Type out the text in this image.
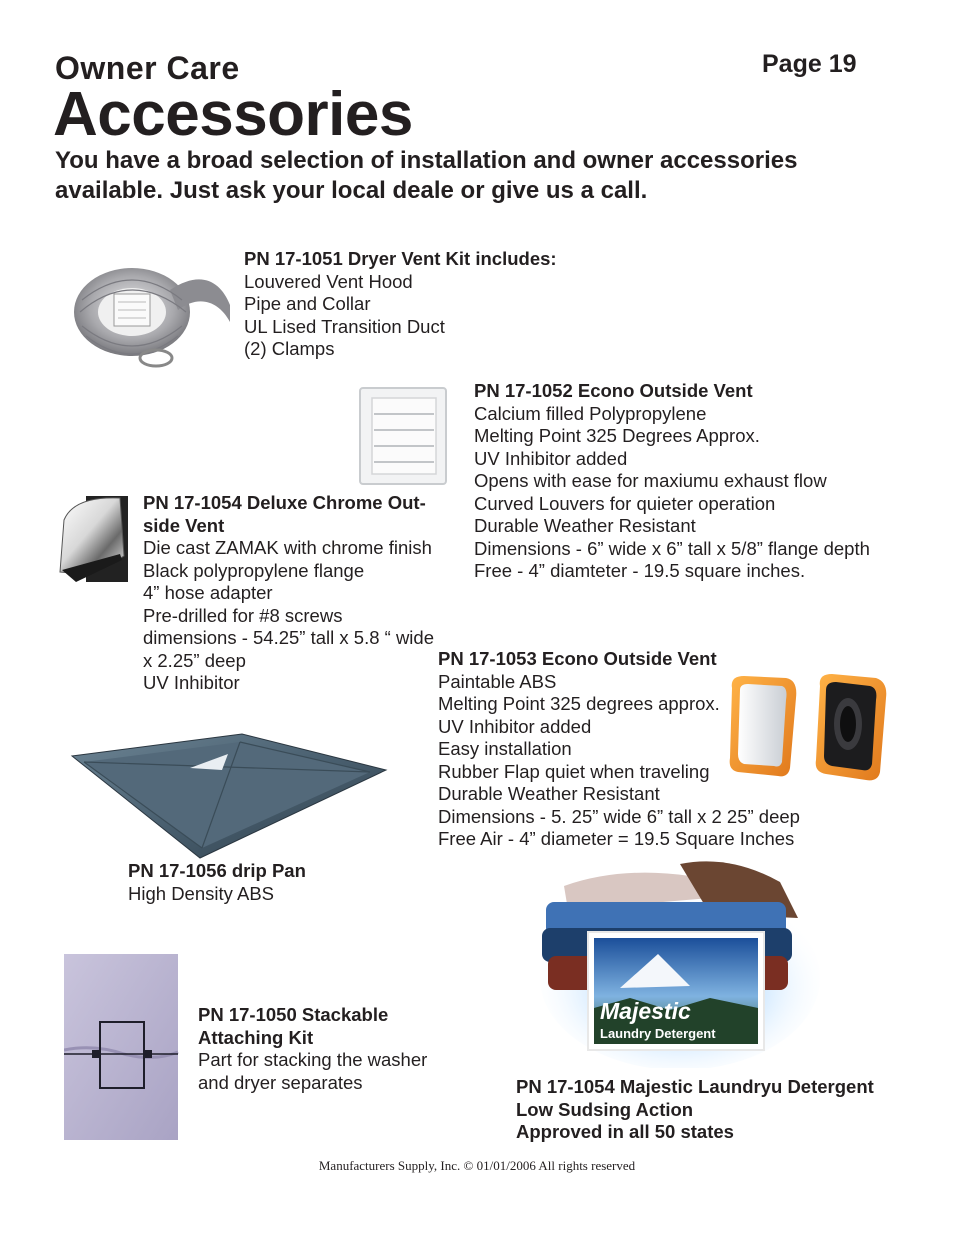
Owner Care	Page 19
Accessories
You have a broad selection of installation and owner accessories available. Just ask your local deale or give us a call.
PN 17-1051 Dryer Vent Kit includes:
Louvered Vent Hood
Pipe and Collar
UL Lised Transition Duct
(2) Clamps
PN 17-1052 Econo Outside Vent
Calcium filled Polypropylene
Melting Point 325 Degrees Approx.
UV Inhibitor added
Opens with ease for maxiumu exhaust flow
Curved Louvers for quieter operation
Durable Weather Resistant
Dimensions - 6” wide x 6” tall x 5/8” flange depth
Free - 4” diamteter - 19.5 square inches.
PN 17-1054 Deluxe Chrome Out-
side Vent
Die cast ZAMAK with chrome finish
Black polypropylene flange
4” hose adapter
Pre-drilled for #8 screws
dimensions - 54.25” tall x 5.8 “ wide
x 2.25” deep
UV Inhibitor
PN 17-1053 Econo Outside Vent
Paintable ABS
Melting Point 325 degrees approx.
UV Inhibitor added
Easy installation
Rubber Flap quiet when traveling
Durable Weather Resistant
Dimensions - 5. 25” wide 6” tall x 2 25” deep
Free Air - 4” diameter = 19.5 Square Inches
PN 17-1056 drip Pan
High Density ABS
Majestic
Laundry Detergent
PN 17-1050 Stackable
Attaching Kit
Part for stacking the washer
and dryer separates	PN 17-1054 Majestic Laundryu Detergent
Low Sudsing Action
Approved in all 50 states
Manufacturers Supply, Inc. © 01/01/2006 All rights reserved
